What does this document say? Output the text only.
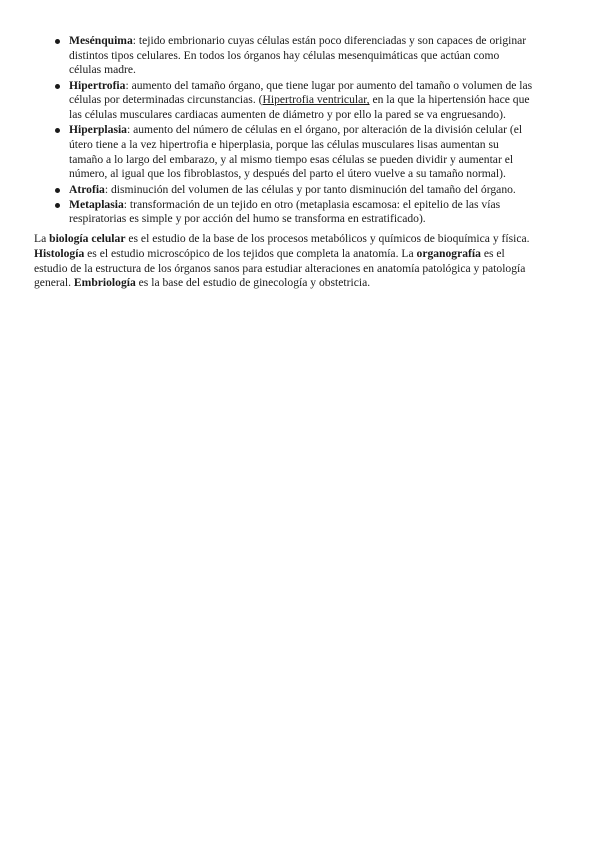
Mesénquima: tejido embrionario cuyas células están poco diferenciadas y son capaces de originar distintos tipos celulares. En todos los órganos hay células mesenquimáticas que actúan como células madre.
Hipertrofia: aumento del tamaño órgano, que tiene lugar por aumento del tamaño o volumen de las células por determinadas circunstancias. (Hipertrofia ventricular, en la que la hipertensión hace que las células musculares cardiacas aumenten de diámetro y por ello la pared se va engruesando).
Hiperplasia: aumento del número de células en el órgano, por alteración de la división celular (el útero tiene a la vez hipertrofia e hiperplasia, porque las células musculares lisas aumentan su tamaño a lo largo del embarazo, y al mismo tiempo esas células se pueden dividir y aumentar el número, al igual que los fibroblastos, y después del parto el útero vuelve a su tamaño normal).
Atrofia: disminución del volumen de las células y por tanto disminución del tamaño del órgano.
Metaplasia: transformación de un tejido en otro (metaplasia escamosa: el epitelio de las vías respiratorias es simple y por acción del humo se transforma en estratificado).

La biología celular es el estudio de la base de los procesos metabólicos y químicos de bioquímica y física. Histología es el estudio microscópico de los tejidos que completa la anatomía. La organografía es el estudio de la estructura de los órganos sanos para estudiar alteraciones en anatomía patológica y patología general. Embriología es la base del estudio de ginecología y obstetricia.
